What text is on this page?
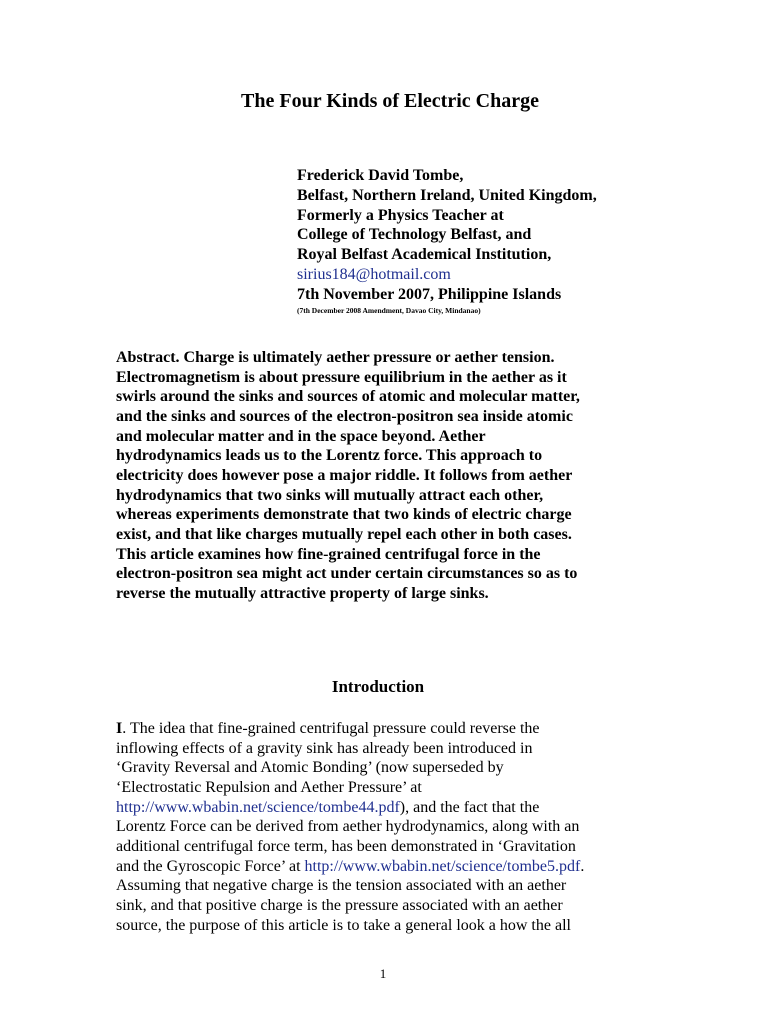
The Four Kinds of Electric Charge
Frederick David Tombe,
Belfast, Northern Ireland, United Kingdom,
Formerly a Physics Teacher at
College of Technology Belfast, and
Royal Belfast Academical Institution,
sirius184@hotmail.com
7th November 2007, Philippine Islands
(7th December 2008 Amendment, Davao City, Mindanao)
Abstract. Charge is ultimately aether pressure or aether tension.
Electromagnetism is about pressure equilibrium in the aether as it
swirls around the sinks and sources of atomic and molecular matter,
and the sinks and sources of the electron-positron sea inside atomic
and molecular matter and in the space beyond. Aether
hydrodynamics leads us to the Lorentz force. This approach to
electricity does however pose a major riddle. It follows from aether
hydrodynamics that two sinks will mutually attract each other,
whereas experiments demonstrate that two kinds of electric charge
exist, and that like charges mutually repel each other in both cases.
This article examines how fine-grained centrifugal force in the
electron-positron sea might act under certain circumstances so as to
reverse the mutually attractive property of large sinks.
Introduction
I. The idea that fine-grained centrifugal pressure could reverse the
inflowing effects of a gravity sink has already been introduced in
‘Gravity Reversal and Atomic Bonding’ (now superseded by
‘Electrostatic Repulsion and Aether Pressure’ at
http://www.wbabin.net/science/tombe44.pdf), and the fact that the
Lorentz Force can be derived from aether hydrodynamics, along with an
additional centrifugal force term, has been demonstrated in ‘Gravitation
and the Gyroscopic Force’ at http://www.wbabin.net/science/tombe5.pdf.
Assuming that negative charge is the tension associated with an aether
sink, and that positive charge is the pressure associated with an aether
source, the purpose of this article is to take a general look a how the all
1
